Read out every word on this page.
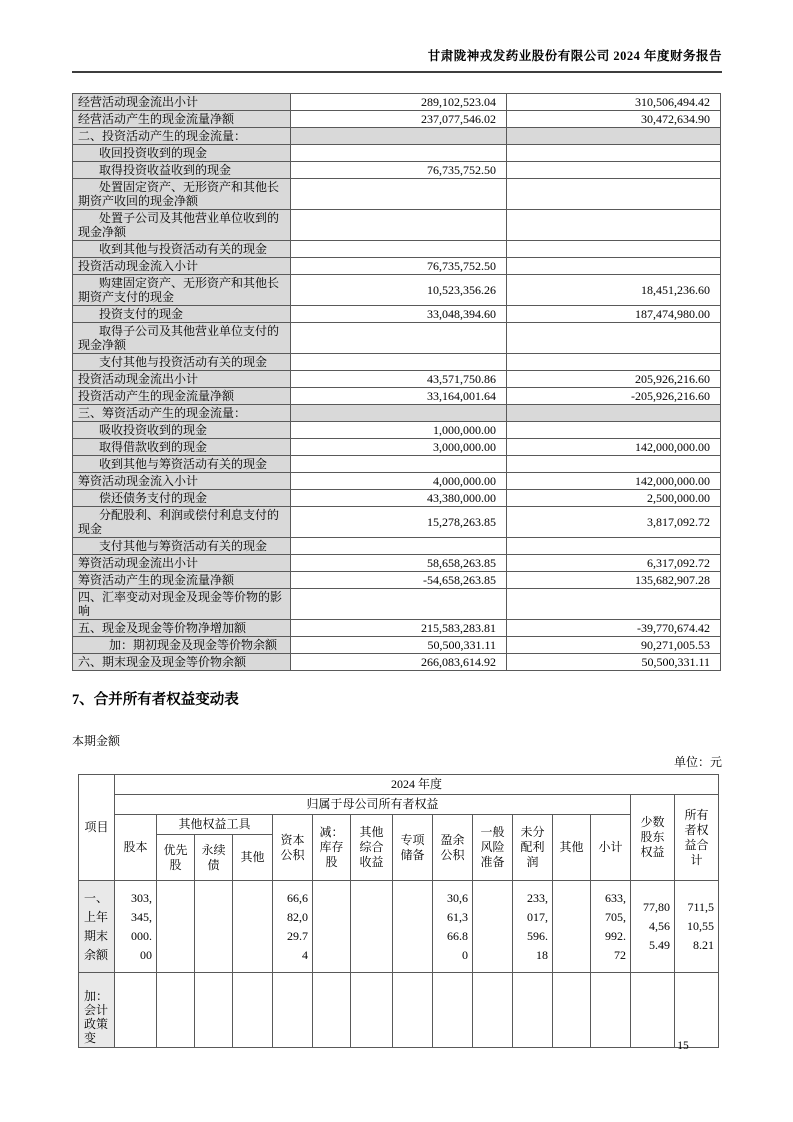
甘肃陇神戎发药业股份有限公司 2024 年度财务报告
经营活动现金流出小计	289,102,523.04	310,506,494.42
经营活动产生的现金流量净额	237,077,546.02	30,472,634.90
二、投资活动产生的现金流量：		
收回投资收到的现金		
取得投资收益收到的现金	76,735,752.50	
处置固定资产、无形资产和其他长期资产收回的现金净额		
处置子公司及其他营业单位收到的现金净额		
收到其他与投资活动有关的现金		
投资活动现金流入小计	76,735,752.50	
购建固定资产、无形资产和其他长期资产支付的现金	10,523,356.26	18,451,236.60
投资支付的现金	33,048,394.60	187,474,980.00
取得子公司及其他营业单位支付的现金净额		
支付其他与投资活动有关的现金		
投资活动现金流出小计	43,571,750.86	205,926,216.60
投资活动产生的现金流量净额	33,164,001.64	-205,926,216.60
三、筹资活动产生的现金流量：		
吸收投资收到的现金	1,000,000.00	
取得借款收到的现金	3,000,000.00	142,000,000.00
收到其他与筹资活动有关的现金		
筹资活动现金流入小计	4,000,000.00	142,000,000.00
偿还债务支付的现金	43,380,000.00	2,500,000.00
分配股利、利润或偿付利息支付的现金	15,278,263.85	3,817,092.72
支付其他与筹资活动有关的现金		
筹资活动现金流出小计	58,658,263.85	6,317,092.72
筹资活动产生的现金流量净额	-54,658,263.85	135,682,907.28
四、汇率变动对现金及现金等价物的影响		
五、现金及现金等价物净增加额	215,583,283.81	-39,770,674.42
加：期初现金及现金等价物余额	50,500,331.11	90,271,005.53
六、期末现金及现金等价物余额	266,083,614.92	50,500,331.11
7、合并所有者权益变动表
本期金额
单位：元
项目	2024 年度														
	归属于母公司所有者权益													少数股东权益	所有者权益合计
	股本	其他权益工具			资本公积	减：库存股	其他综合收益	专项储备	盈余公积	一般风险准备	未分配利润	其他	小计		
		优先股	永续债	其他											
一、上年期末余额	303,345,000.00				66,682,029.74				30,661,366.80		233,017,596.18		633,705,992.72	77,804,565.49	711,510,558.21
　加：会计政策变															
15
